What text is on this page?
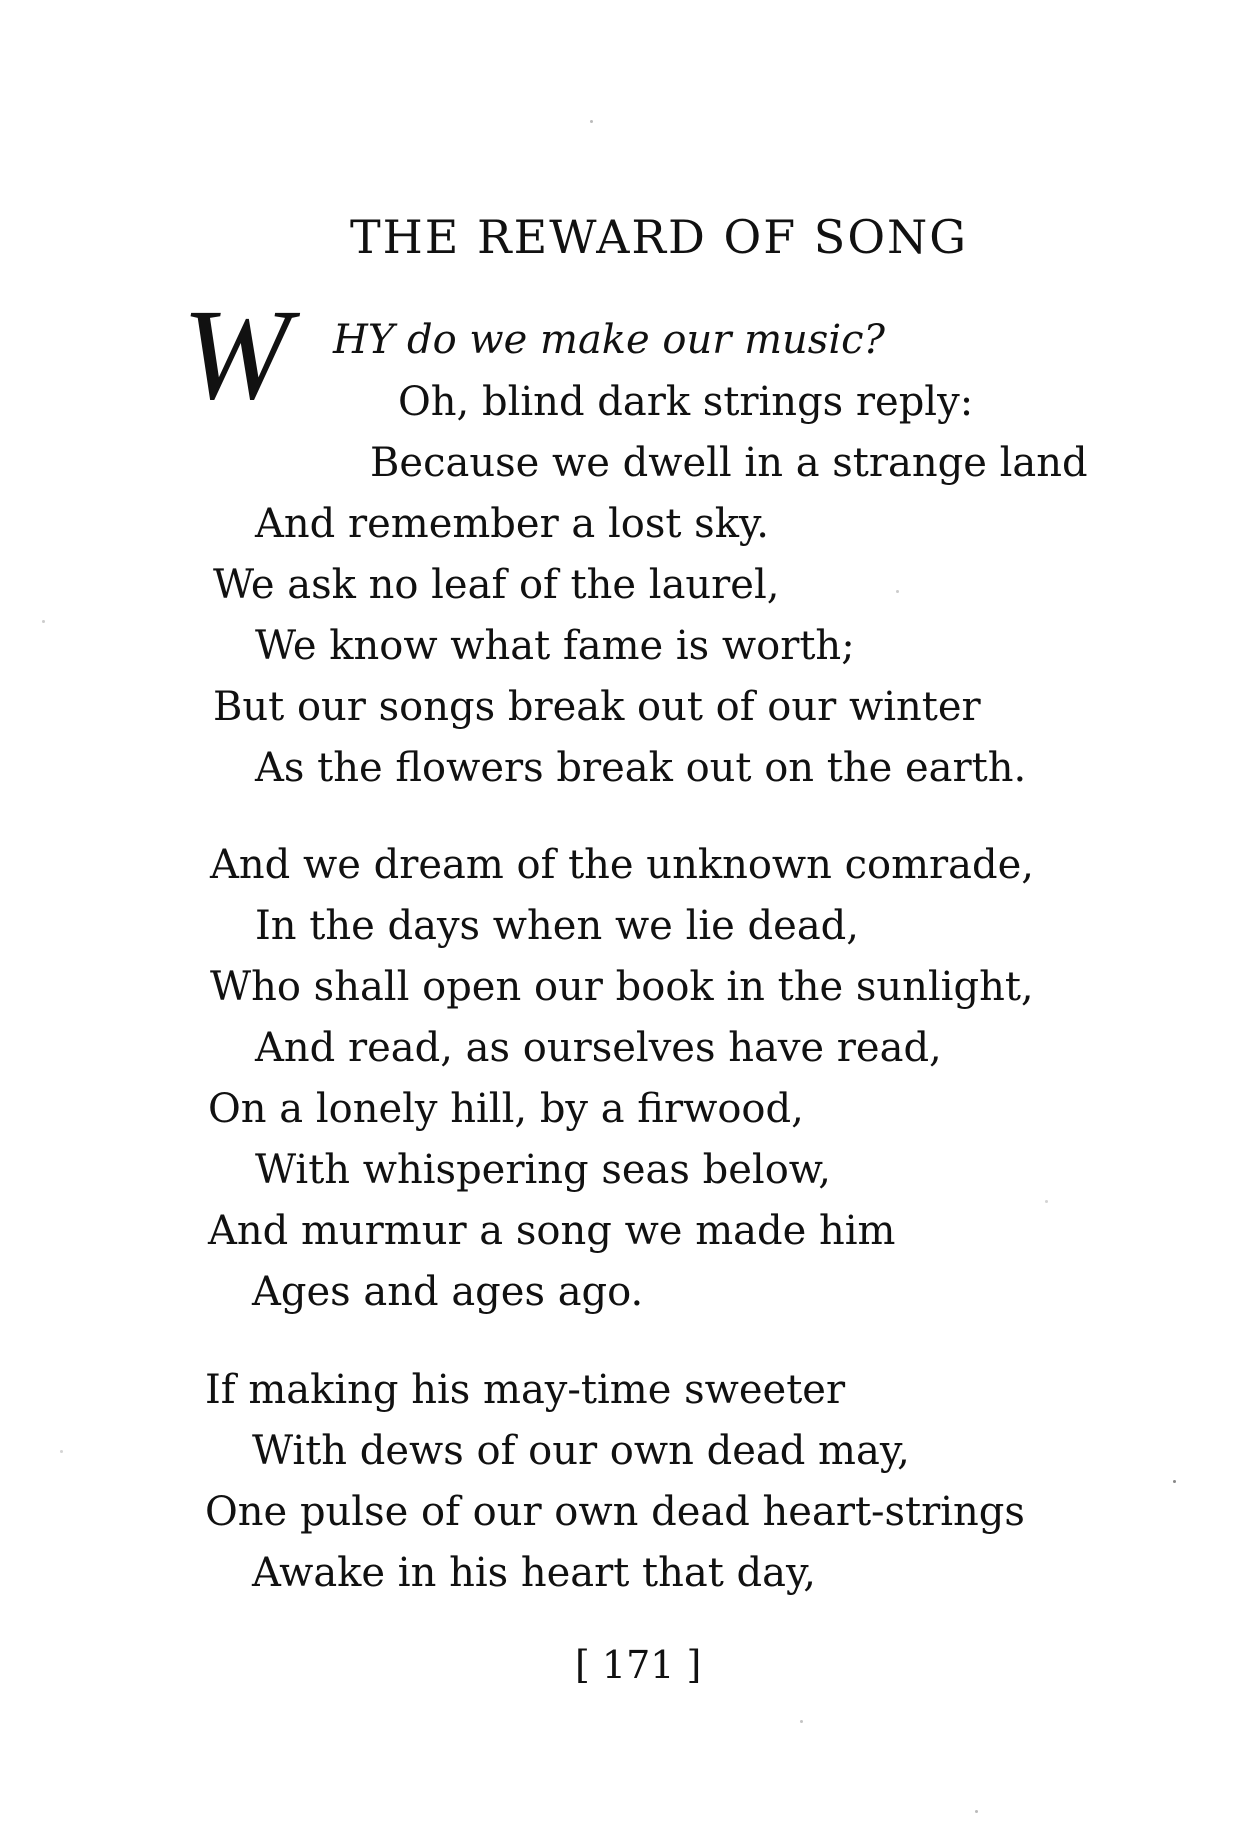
THE REWARD OF SONG
W HY do we make our music?
Oh, blind dark strings reply:
Because we dwell in a strange land
And remember a lost sky.
We ask no leaf of the laurel,
We know what fame is worth;
But our songs break out of our winter
As the flowers break out on the earth.
And we dream of the unknown comrade,
In the days when we lie dead,
Who shall open our book in the sunlight,
And read, as ourselves have read,
On a lonely hill, by a firwood,
With whispering seas below,
And murmur a song we made him
Ages and ages ago.
If making his may-time sweeter
With dews of our own dead may,
One pulse of our own dead heart-strings
Awake in his heart that day,
[ 171 ]
